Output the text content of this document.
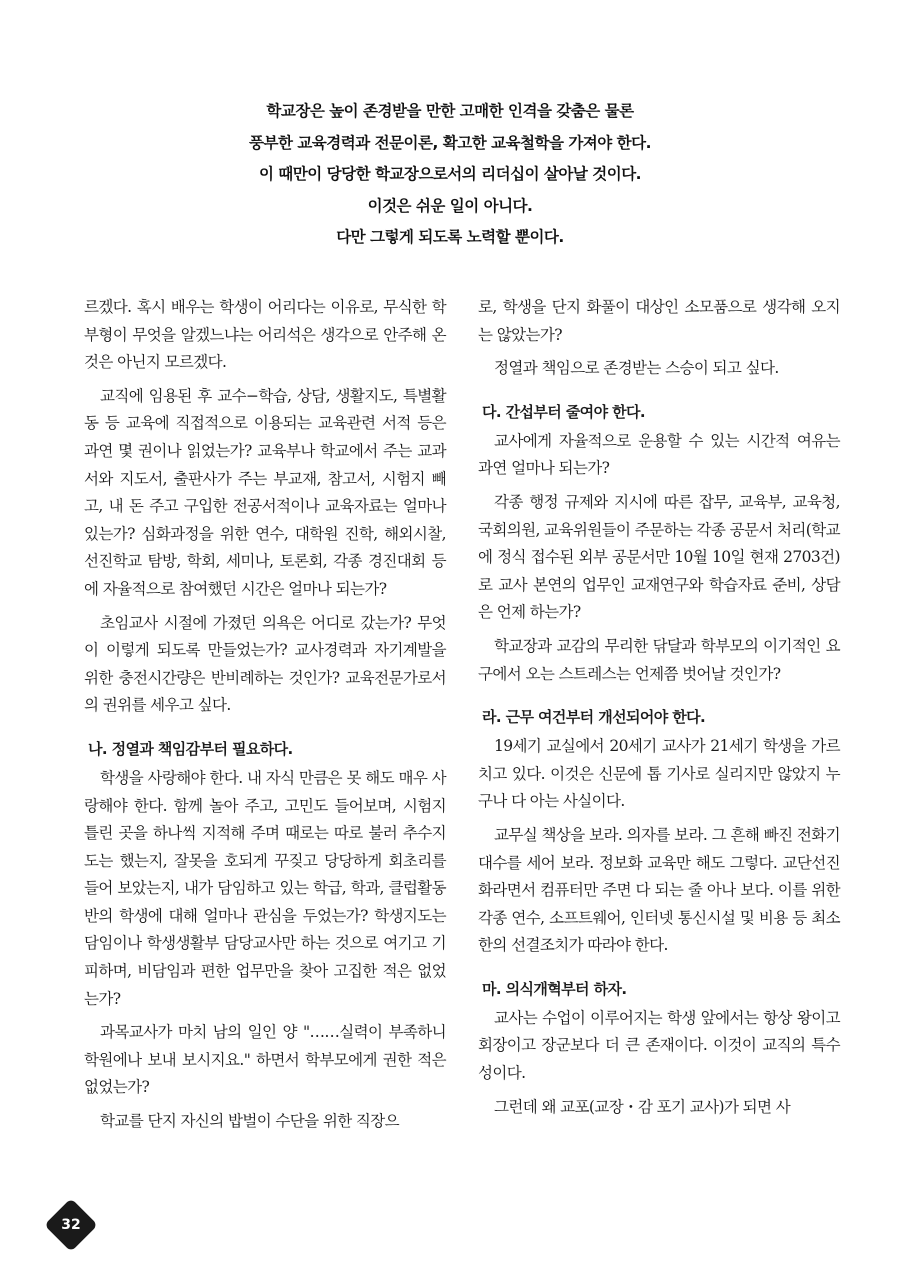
학교장은 높이 존경받을 만한 고매한 인격을 갖춤은 물론
풍부한 교육경력과 전문이론, 확고한 교육철학을 가져야 한다.
이 때만이 당당한 학교장으로서의 리더십이 살아날 것이다.
이것은 쉬운 일이 아니다.
다만 그렇게 되도록 노력할 뿐이다.

르겠다. 혹시 배우는 학생이 어리다는 이유로, 무식한 학부형이 무엇을 알겠느냐는 어리석은 생각으로 안주해 온 것은 아닌지 모르겠다.

교직에 임용된 후 교수−학습, 상담, 생활지도, 특별활동 등 교육에 직접적으로 이용되는 교육관련 서적 등은 과연 몇 권이나 읽었는가? 교육부나 학교에서 주는 교과서와 지도서, 출판사가 주는 부교재, 참고서, 시험지 빼고, 내 돈 주고 구입한 전공서적이나 교육자료는 얼마나 있는가? 심화과정을 위한 연수, 대학원 진학, 해외시찰, 선진학교 탐방, 학회, 세미나, 토론회, 각종 경진대회 등에 자율적으로 참여했던 시간은 얼마나 되는가?

초임교사 시절에 가졌던 의욕은 어디로 갔는가? 무엇이 이렇게 되도록 만들었는가? 교사경력과 자기계발을 위한 충전시간량은 반비례하는 것인가? 교육전문가로서의 권위를 세우고 싶다.

나. 정열과 책임감부터 필요하다.

학생을 사랑해야 한다. 내 자식 만큼은 못 해도 매우 사랑해야 한다. 함께 놀아 주고, 고민도 들어보며, 시험지 틀린 곳을 하나씩 지적해 주며 때로는 따로 불러 추수지도는 했는지, 잘못을 호되게 꾸짖고 당당하게 회초리를 들어 보았는지, 내가 담임하고 있는 학급, 학과, 클럽활동반의 학생에 대해 얼마나 관심을 두었는가? 학생지도는 담임이나 학생생활부 담당교사만 하는 것으로 여기고 기피하며, 비담임과 편한 업무만을 찾아 고집한 적은 없었는가?

과목교사가 마치 남의 일인 양 "……실력이 부족하니 학원에나 보내 보시지요." 하면서 학부모에게 권한 적은 없었는가?

학교를 단지 자신의 밥벌이 수단을 위한 직장으

로, 학생을 단지 화풀이 대상인 소모품으로 생각해 오지는 않았는가?

정열과 책임으로 존경받는 스승이 되고 싶다.

다. 간섭부터 줄여야 한다.

교사에게 자율적으로 운용할 수 있는 시간적 여유는 과연 얼마나 되는가?

각종 행정 규제와 지시에 따른 잡무, 교육부, 교육청, 국회의원, 교육위원들이 주문하는 각종 공문서 처리(학교에 정식 접수된 외부 공문서만 10월 10일 현재 2703건)로 교사 본연의 업무인 교재연구와 학습자료 준비, 상담은 언제 하는가?

학교장과 교감의 무리한 닦달과 학부모의 이기적인 요구에서 오는 스트레스는 언제쯤 벗어날 것인가?

라. 근무 여건부터 개선되어야 한다.

19세기 교실에서 20세기 교사가 21세기 학생을 가르치고 있다. 이것은 신문에 톱 기사로 실리지만 않았지 누구나 다 아는 사실이다.

교무실 책상을 보라. 의자를 보라. 그 흔해 빠진 전화기 대수를 세어 보라. 정보화 교육만 해도 그렇다. 교단선진화라면서 컴퓨터만 주면 다 되는 줄 아나 보다. 이를 위한 각종 연수, 소프트웨어, 인터넷 통신시설 및 비용 등 최소한의 선결조치가 따라야 한다.

마. 의식개혁부터 하자.

교사는 수업이 이루어지는 학생 앞에서는 항상 왕이고 회장이고 장군보다 더 큰 존재이다. 이것이 교직의 특수성이다.

그런데 왜 교포(교장・감 포기 교사)가 되면 사

32
